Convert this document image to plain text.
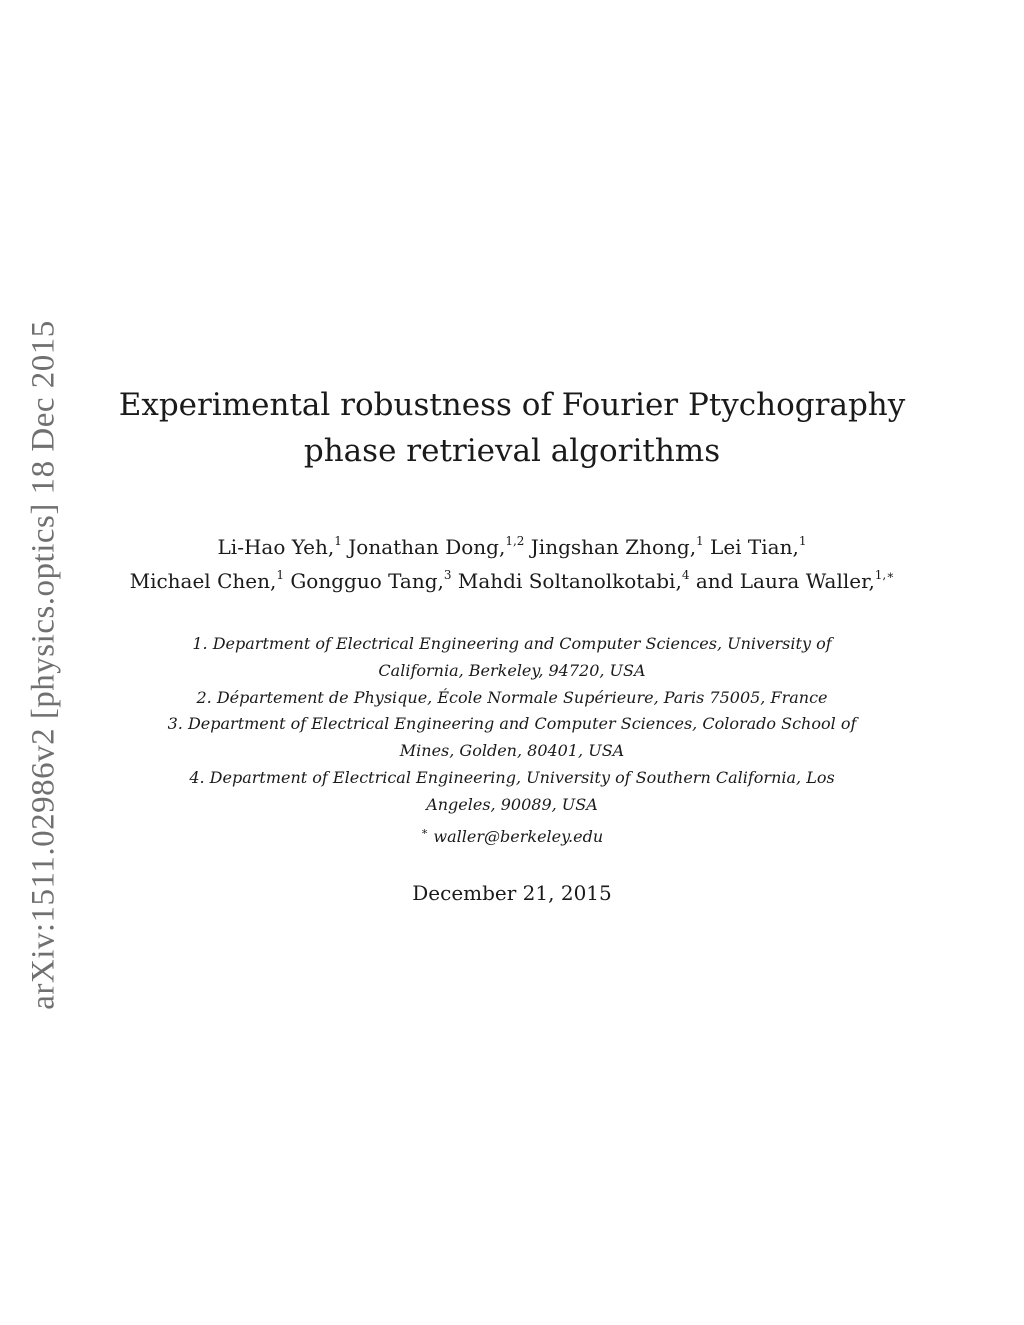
arXiv:1511.02986v2 [physics.optics] 18 Dec 2015	Experimental robustness of Fourier Ptychography
phase retrieval algorithms
Li-Hao Yeh,$^1$ Jonathan Dong,$^{1,2}$ Jingshan Zhong,$^1$ Lei Tian,$^1$
Michael Chen,$^1$ Gongguo Tang,$^3$ Mahdi Soltanolkotabi,$^4$ and Laura Waller,$^{1,∗}$
1. Department of Electrical Engineering and Computer Sciences, University of
California, Berkeley, 94720, USA
2. Département de Physique, École Normale Supérieure, Paris 75005, France
3. Department of Electrical Engineering and Computer Sciences, Colorado School of
Mines, Golden, 80401, USA
4. Department of Electrical Engineering, University of Southern California, Los
Angeles, 90089, USA
∗ waller@berkeley.edu
December 21, 2015
